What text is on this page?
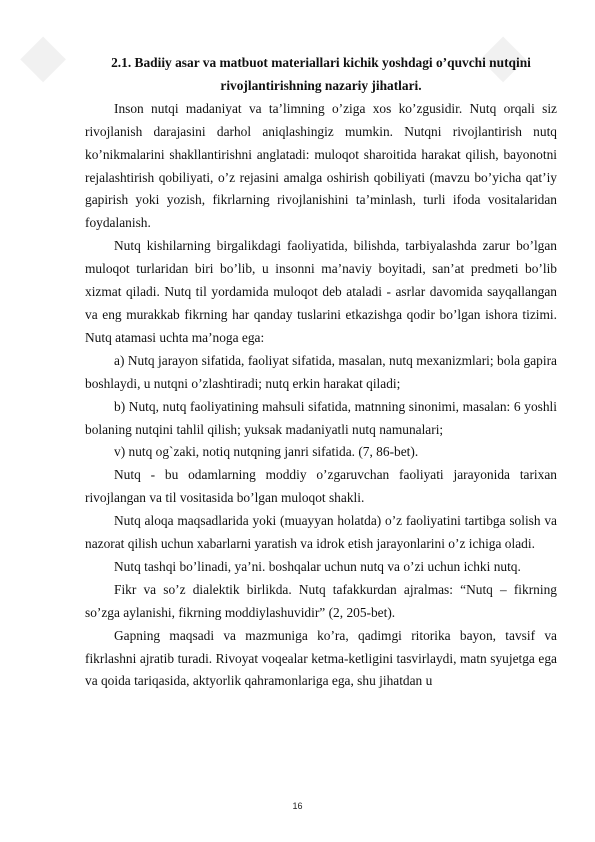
◆	◆

2.1. Badiiy asar va matbuot materiallari kichik yoshdagi o’quvchi nutqini rivojlantirishning nazariy jihatlari.

Inson nutqi madaniyat va ta’limning o’ziga xos ko’zgusidir. Nutq orqali siz rivojlanish darajasini darhol aniqlashingiz mumkin. Nutqni rivojlantirish nutq ko’nikmalarini shakllantirishni anglatadi: muloqot sharoitida harakat qilish, bayonotni rejalashtirish qobiliyati, o’z rejasini amalga oshirish qobiliyati (mavzu bo’yicha qat’iy gapirish yoki yozish, fikrlarning rivojlanishini ta’minlash, turli ifoda vositalaridan foydalanish.

Nutq kishilarning birgalikdagi faoliyatida, bilishda, tarbiyalashda zarur bo’lgan muloqot turlaridan biri bo’lib, u insonni ma’naviy boyitadi, san’at predmeti bo’lib xizmat qiladi. Nutq til yordamida muloqot deb ataladi - asrlar davomida sayqallangan va eng murakkab fikrning har qanday tuslarini etkazishga qodir bo’lgan ishora tizimi. Nutq atamasi uchta ma’noga ega:

a) Nutq jarayon sifatida, faoliyat sifatida, masalan, nutq mexanizmlari; bola gapira boshlaydi, u nutqni o’zlashtiradi; nutq erkin harakat qiladi;

b) Nutq, nutq faoliyatining mahsuli sifatida, matnning sinonimi, masalan: 6 yoshli bolaning nutqini tahlil qilish; yuksak madaniyatli nutq namunalari;

v) nutq og`zaki, notiq nutqning janri sifatida. (7, 86-bet).

Nutq - bu odamlarning moddiy o’zgaruvchan faoliyati jarayonida tarixan rivojlangan va til vositasida bo’lgan muloqot shakli.

Nutq aloqa maqsadlarida yoki (muayyan holatda) o’z faoliyatini tartibga solish va nazorat qilish uchun xabarlarni yaratish va idrok etish jarayonlarini o’z ichiga oladi.

Nutq tashqi bo’linadi, ya’ni. boshqalar uchun nutq va o’zi uchun ichki nutq.

Fikr va so’z dialektik birlikda. Nutq tafakkurdan ajralmas: “Nutq – fikrning so’zga aylanishi, fikrning moddiylashuvidir” (2, 205-bet).

Gapning maqsadi va mazmuniga ko’ra, qadimgi ritorika bayon, tavsif va fikrlashni ajratib turadi. Rivoyat voqealar ketma-ketligini tasvirlaydi, matn syujetga ega va qoida tariqasida, aktyorlik qahramonlariga ega, shu jihatdan u

16
